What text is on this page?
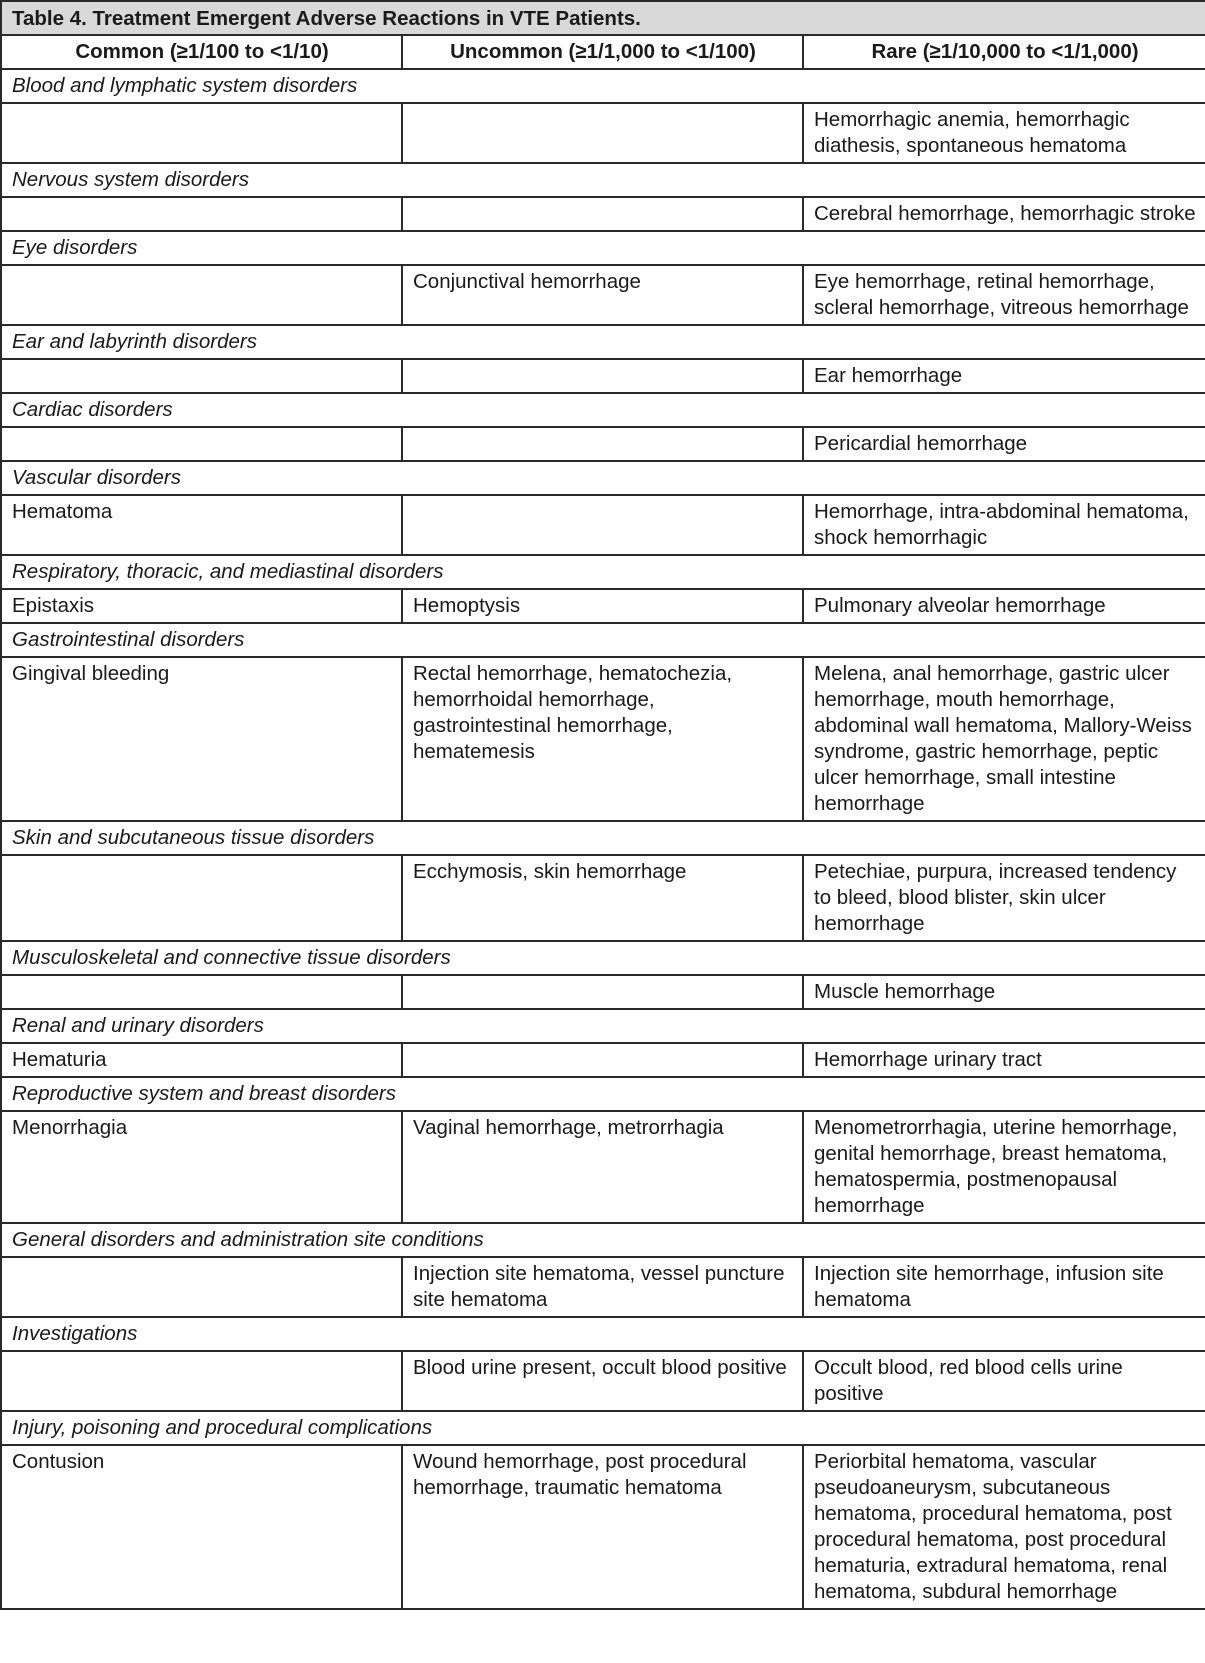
Table 4. Treatment Emergent Adverse Reactions in VTE Patients.		
Common (≥1/100 to <1/10)	Uncommon (≥1/1,000 to <1/100)	Rare (≥1/10,000 to <1/1,000)
Blood and lymphatic system disorders		
		Hemorrhagic anemia, hemorrhagic diathesis, spontaneous hematoma
Nervous system disorders		
		Cerebral hemorrhage, hemorrhagic stroke
Eye disorders		
	Conjunctival hemorrhage	Eye hemorrhage, retinal hemorrhage, scleral hemorrhage, vitreous hemorrhage
Ear and labyrinth disorders		
		Ear hemorrhage
Cardiac disorders		
		Pericardial hemorrhage
Vascular disorders		
Hematoma		Hemorrhage, intra-abdominal hematoma, shock hemorrhagic
Respiratory, thoracic, and mediastinal disorders		
Epistaxis	Hemoptysis	Pulmonary alveolar hemorrhage
Gastrointestinal disorders		
Gingival bleeding	Rectal hemorrhage, hematochezia, hemorrhoidal hemorrhage, gastrointestinal hemorrhage, hematemesis	Melena, anal hemorrhage, gastric ulcer hemorrhage, mouth hemorrhage, abdominal wall hematoma, Mallory-Weiss syndrome, gastric hemorrhage, peptic ulcer hemorrhage, small intestine hemorrhage
Skin and subcutaneous tissue disorders		
	Ecchymosis, skin hemorrhage	Petechiae, purpura, increased tendency to bleed, blood blister, skin ulcer hemorrhage
Musculoskeletal and connective tissue disorders		
		Muscle hemorrhage
Renal and urinary disorders		
Hematuria		Hemorrhage urinary tract
Reproductive system and breast disorders		
Menorrhagia	Vaginal hemorrhage, metrorrhagia	Menometrorrhagia, uterine hemorrhage, genital hemorrhage, breast hematoma, hematospermia, postmenopausal hemorrhage
General disorders and administration site conditions		
	Injection site hematoma, vessel puncture site hematoma	Injection site hemorrhage, infusion site hematoma
Investigations		
	Blood urine present, occult blood positive	Occult blood, red blood cells urine positive
Injury, poisoning and procedural complications		
Contusion	Wound hemorrhage, post procedural hemorrhage, traumatic hematoma	Periorbital hematoma, vascular pseudoaneurysm, subcutaneous hematoma, procedural hematoma, post procedural hematoma, post procedural hematuria, extradural hematoma, renal hematoma, subdural hemorrhage
